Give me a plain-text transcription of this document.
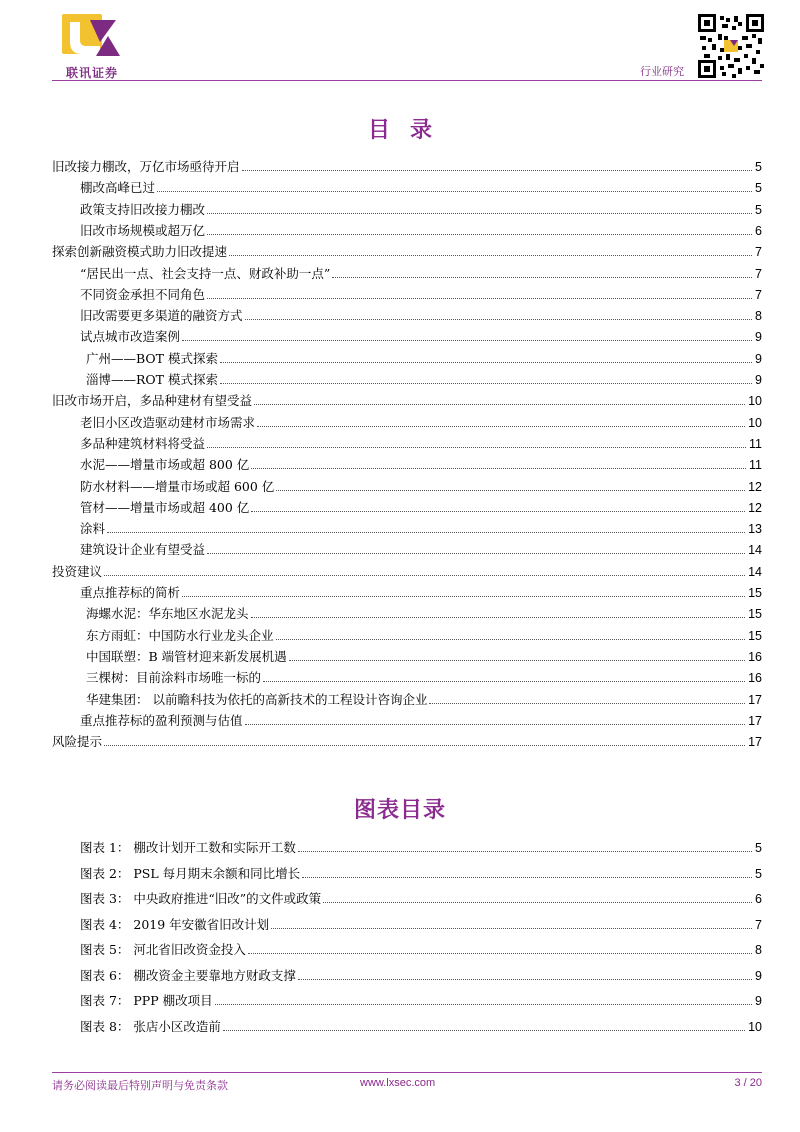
联讯证券	行业研究
目录
旧改接力棚改，万亿市场亟待开启	5
棚改高峰已过	5
政策支持旧改接力棚改	5
旧改市场规模或超万亿	6
探索创新融资模式助力旧改提速	7
“居民出一点、社会支持一点、财政补助一点”	7
不同资金承担不同角色	7
旧改需要更多渠道的融资方式	8
试点城市改造案例	9
广州——BOT 模式探索	9
淄博——ROT 模式探索	9
旧改市场开启，多品种建材有望受益	10
老旧小区改造驱动建材市场需求	10
多品种建筑材料将受益	11
水泥——增量市场或超 800 亿	11
防水材料——增量市场或超 600 亿	12
管材——增量市场或超 400 亿	12
涂料	13
建筑设计企业有望受益	14
投资建议	14
重点推荐标的简析	15
海螺水泥：华东地区水泥龙头	15
东方雨虹：中国防水行业龙头企业	15
中国联塑：B 端管材迎来新发展机遇	16
三棵树：目前涂料市场唯一标的	16
华建集团： 以前瞻科技为依托的高新技术的工程设计咨询企业	17
重点推荐标的盈利预测与估值	17
风险提示	17
图表目录
图表 1： 棚改计划开工数和实际开工数	5
图表 2： PSL 每月期末余额和同比增长	5
图表 3： 中央政府推进“旧改”的文件或政策	6
图表 4： 2019 年安徽省旧改计划	7
图表 5： 河北省旧改资金投入	8
图表 6： 棚改资金主要靠地方财政支撑	9
图表 7： PPP 棚改项目	9
图表 8： 张店小区改造前	10
请务必阅读最后特别声明与免责条款	www.lxsec.com	3 / 20
